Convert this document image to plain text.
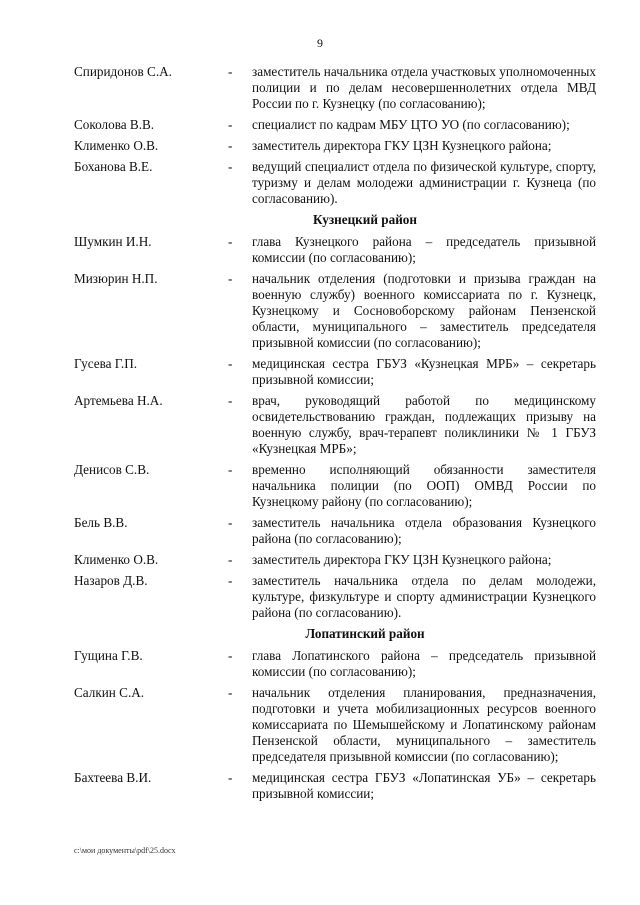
9
Спиридонов С.А.	-	заместитель начальника отдела участковых уполномоченных полиции и по делам несовершеннолетних отдела МВД России по г. Кузнецку (по согласованию);
Соколова В.В.	-	специалист по кадрам МБУ ЦТО УО (по согласованию);
Клименко О.В.	-	заместитель директора ГКУ ЦЗН Кузнецкого района;
Боханова В.Е.	-	ведущий специалист отдела по физической культуре, спорту, туризму и делам молодежи администрации г. Кузнеца (по согласованию).
Кузнецкий район
Шумкин И.Н.	-	глава Кузнецкого района – председатель призывной комиссии (по согласованию);
Мизюрин Н.П.	-	начальник отделения (подготовки и призыва граждан на военную службу) военного комиссариата по г. Кузнецк, Кузнецкому и Сосновоборскому районам Пензенской области, муниципального – заместитель председателя призывной комиссии (по согласованию);
Гусева Г.П.	-	медицинская сестра ГБУЗ «Кузнецкая МРБ» – секретарь призывной комиссии;
Артемьева Н.А.	-	врач, руководящий работой по медицинскому освидетельствованию граждан, подлежащих призыву на военную службу, врач-терапевт поликлиники № 1 ГБУЗ «Кузнецкая МРБ»;
Денисов С.В.	-	временно исполняющий обязанности заместителя начальника полиции (по ООП) ОМВД России по Кузнецкому району (по согласованию);
Бель В.В.	-	заместитель начальника отдела образования Кузнецкого района (по согласованию);
Клименко О.В.	-	заместитель директора ГКУ ЦЗН Кузнецкого района;
Назаров Д.В.	-	заместитель начальника отдела по делам молодежи, культуре, физкультуре и спорту администрации Кузнецкого района (по согласованию).
Лопатинский район
Гущина Г.В.	-	глава Лопатинского района – председатель призывной комиссии (по согласованию);
Салкин С.А.	-	начальник отделения планирования, предназначения, подготовки и учета мобилизационных ресурсов военного комиссариата по Шемышейскому и Лопатинскому районам Пензенской области, муниципального – заместитель председателя призывной комиссии (по согласованию);
Бахтеева В.И.	-	медицинская сестра ГБУЗ «Лопатинская УБ» – секретарь призывной комиссии;
c:\мои документы\pdf\25.docx
